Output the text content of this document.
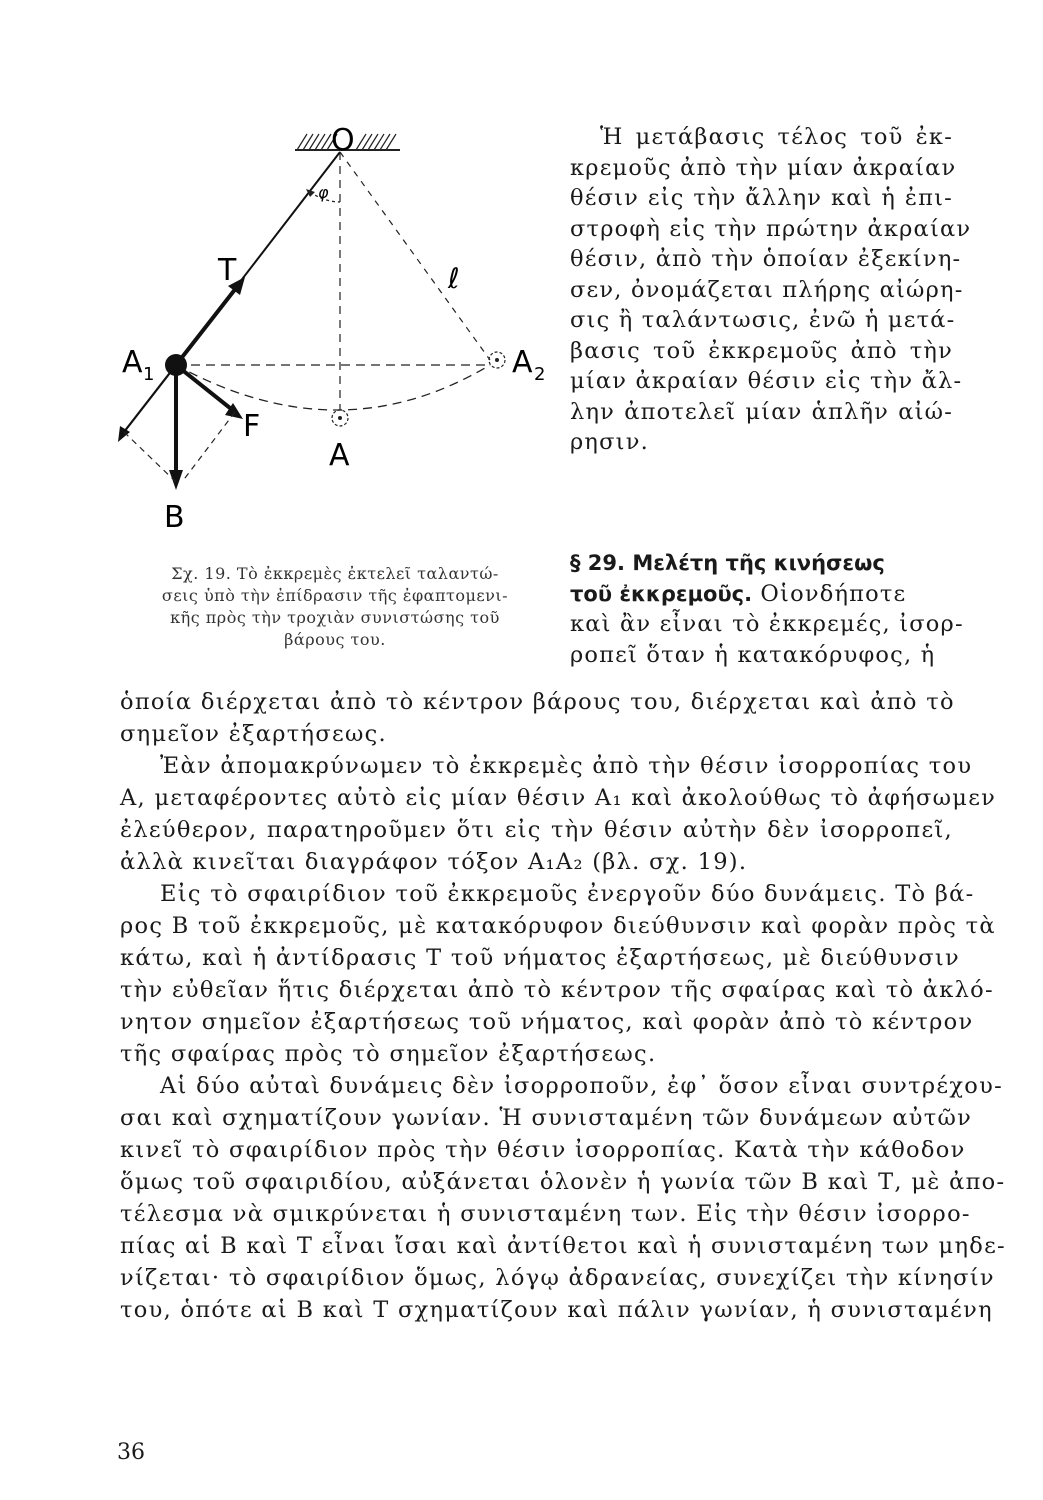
O
φ
T	ℓ
A 1	A 2
F
A
B
Σχ. 19. Τὸ ἐκκρεμὲς ἐκτελεῖ ταλαντώ-
σεις ὑπὸ τὴν ἐπίδρασιν τῆς ἐφαπτομενι-
κῆς πρὸς τὴν τροχιὰν συνιστώσης τοῦ
βάρους του.
Ἡ μετάβασις τέλος τοῦ ἐκ-
κρεμοῦς ἀπὸ τὴν μίαν ἀκραίαν
θέσιν εἰς τὴν ἄλλην καὶ ἡ ἐπι-
στροφὴ εἰς τὴν πρώτην ἀκραίαν
θέσιν, ἀπὸ τὴν ὁποίαν ἐξεκίνη-
σεν, ὀνομάζεται πλήρης αἰώρη-
σις ἢ ταλάντωσις, ἐνῶ ἡ μετά-
βασις τοῦ ἐκκρεμοῦς ἀπὸ τὴν
μίαν ἀκραίαν θέσιν εἰς τὴν ἄλ-
λην ἀποτελεῖ μίαν ἁπλῆν αἰώ-
ρησιν.
§ 29. Μελέτη τῆς κινήσεως
τοῦ ἐκκρεμοῦς. Οἱονδήποτε
καὶ ἂν εἶναι τὸ ἐκκρεμές, ἰσορ-
ροπεῖ ὅταν ἡ κατακόρυφος, ἡ
ὁποία διέρχεται ἀπὸ τὸ κέντρον βάρους του, διέρχεται καὶ ἀπὸ τὸ
σημεῖον ἐξαρτήσεως.
Ἐὰν ἀπομακρύνωμεν τὸ ἐκκρεμὲς ἀπὸ τὴν θέσιν ἰσορροπίας του
Α, μεταφέροντες αὐτὸ εἰς μίαν θέσιν Α₁ καὶ ἀκολούθως τὸ ἀφήσωμεν
ἐλεύθερον, παρατηροῦμεν ὅτι εἰς τὴν θέσιν αὐτὴν δὲν ἰσορροπεῖ,
ἀλλὰ κινεῖται διαγράφον τόξον Α₁Α₂ (βλ. σχ. 19).
Εἰς τὸ σφαιρίδιον τοῦ ἐκκρεμοῦς ἐνεργοῦν δύο δυνάμεις. Τὸ βά-
ρος Β τοῦ ἐκκρεμοῦς, μὲ κατακόρυφον διεύθυνσιν καὶ φορὰν πρὸς τὰ
κάτω, καὶ ἡ ἀντίδρασις Τ τοῦ νήματος ἐξαρτήσεως, μὲ διεύθυνσιν
τὴν εὐθεῖαν ἥτις διέρχεται ἀπὸ τὸ κέντρον τῆς σφαίρας καὶ τὸ ἀκλό-
νητον σημεῖον ἐξαρτήσεως τοῦ νήματος, καὶ φορὰν ἀπὸ τὸ κέντρον
τῆς σφαίρας πρὸς τὸ σημεῖον ἐξαρτήσεως.
Αἱ δύο αὐταὶ δυνάμεις δὲν ἰσορροποῦν, ἐφ᾽ ὅσον εἶναι συντρέχου-
σαι καὶ σχηματίζουν γωνίαν. Ἡ συνισταμένη τῶν δυνάμεων αὐτῶν
κινεῖ τὸ σφαιρίδιον πρὸς τὴν θέσιν ἰσορροπίας. Κατὰ τὴν κάθοδον
ὅμως τοῦ σφαιριδίου, αὐξάνεται ὁλονὲν ἡ γωνία τῶν Β καὶ Τ, μὲ ἀπο-
τέλεσμα νὰ σμικρύνεται ἡ συνισταμένη των. Εἰς τὴν θέσιν ἰσορρο-
πίας αἱ Β καὶ Τ εἶναι ἴσαι καὶ ἀντίθετοι καὶ ἡ συνισταμένη των μηδε-
νίζεται· τὸ σφαιρίδιον ὅμως, λόγῳ ἀδρανείας, συνεχίζει τὴν κίνησίν
του, ὁπότε αἱ Β καὶ Τ σχηματίζουν καὶ πάλιν γωνίαν, ἡ συνισταμένη
36
